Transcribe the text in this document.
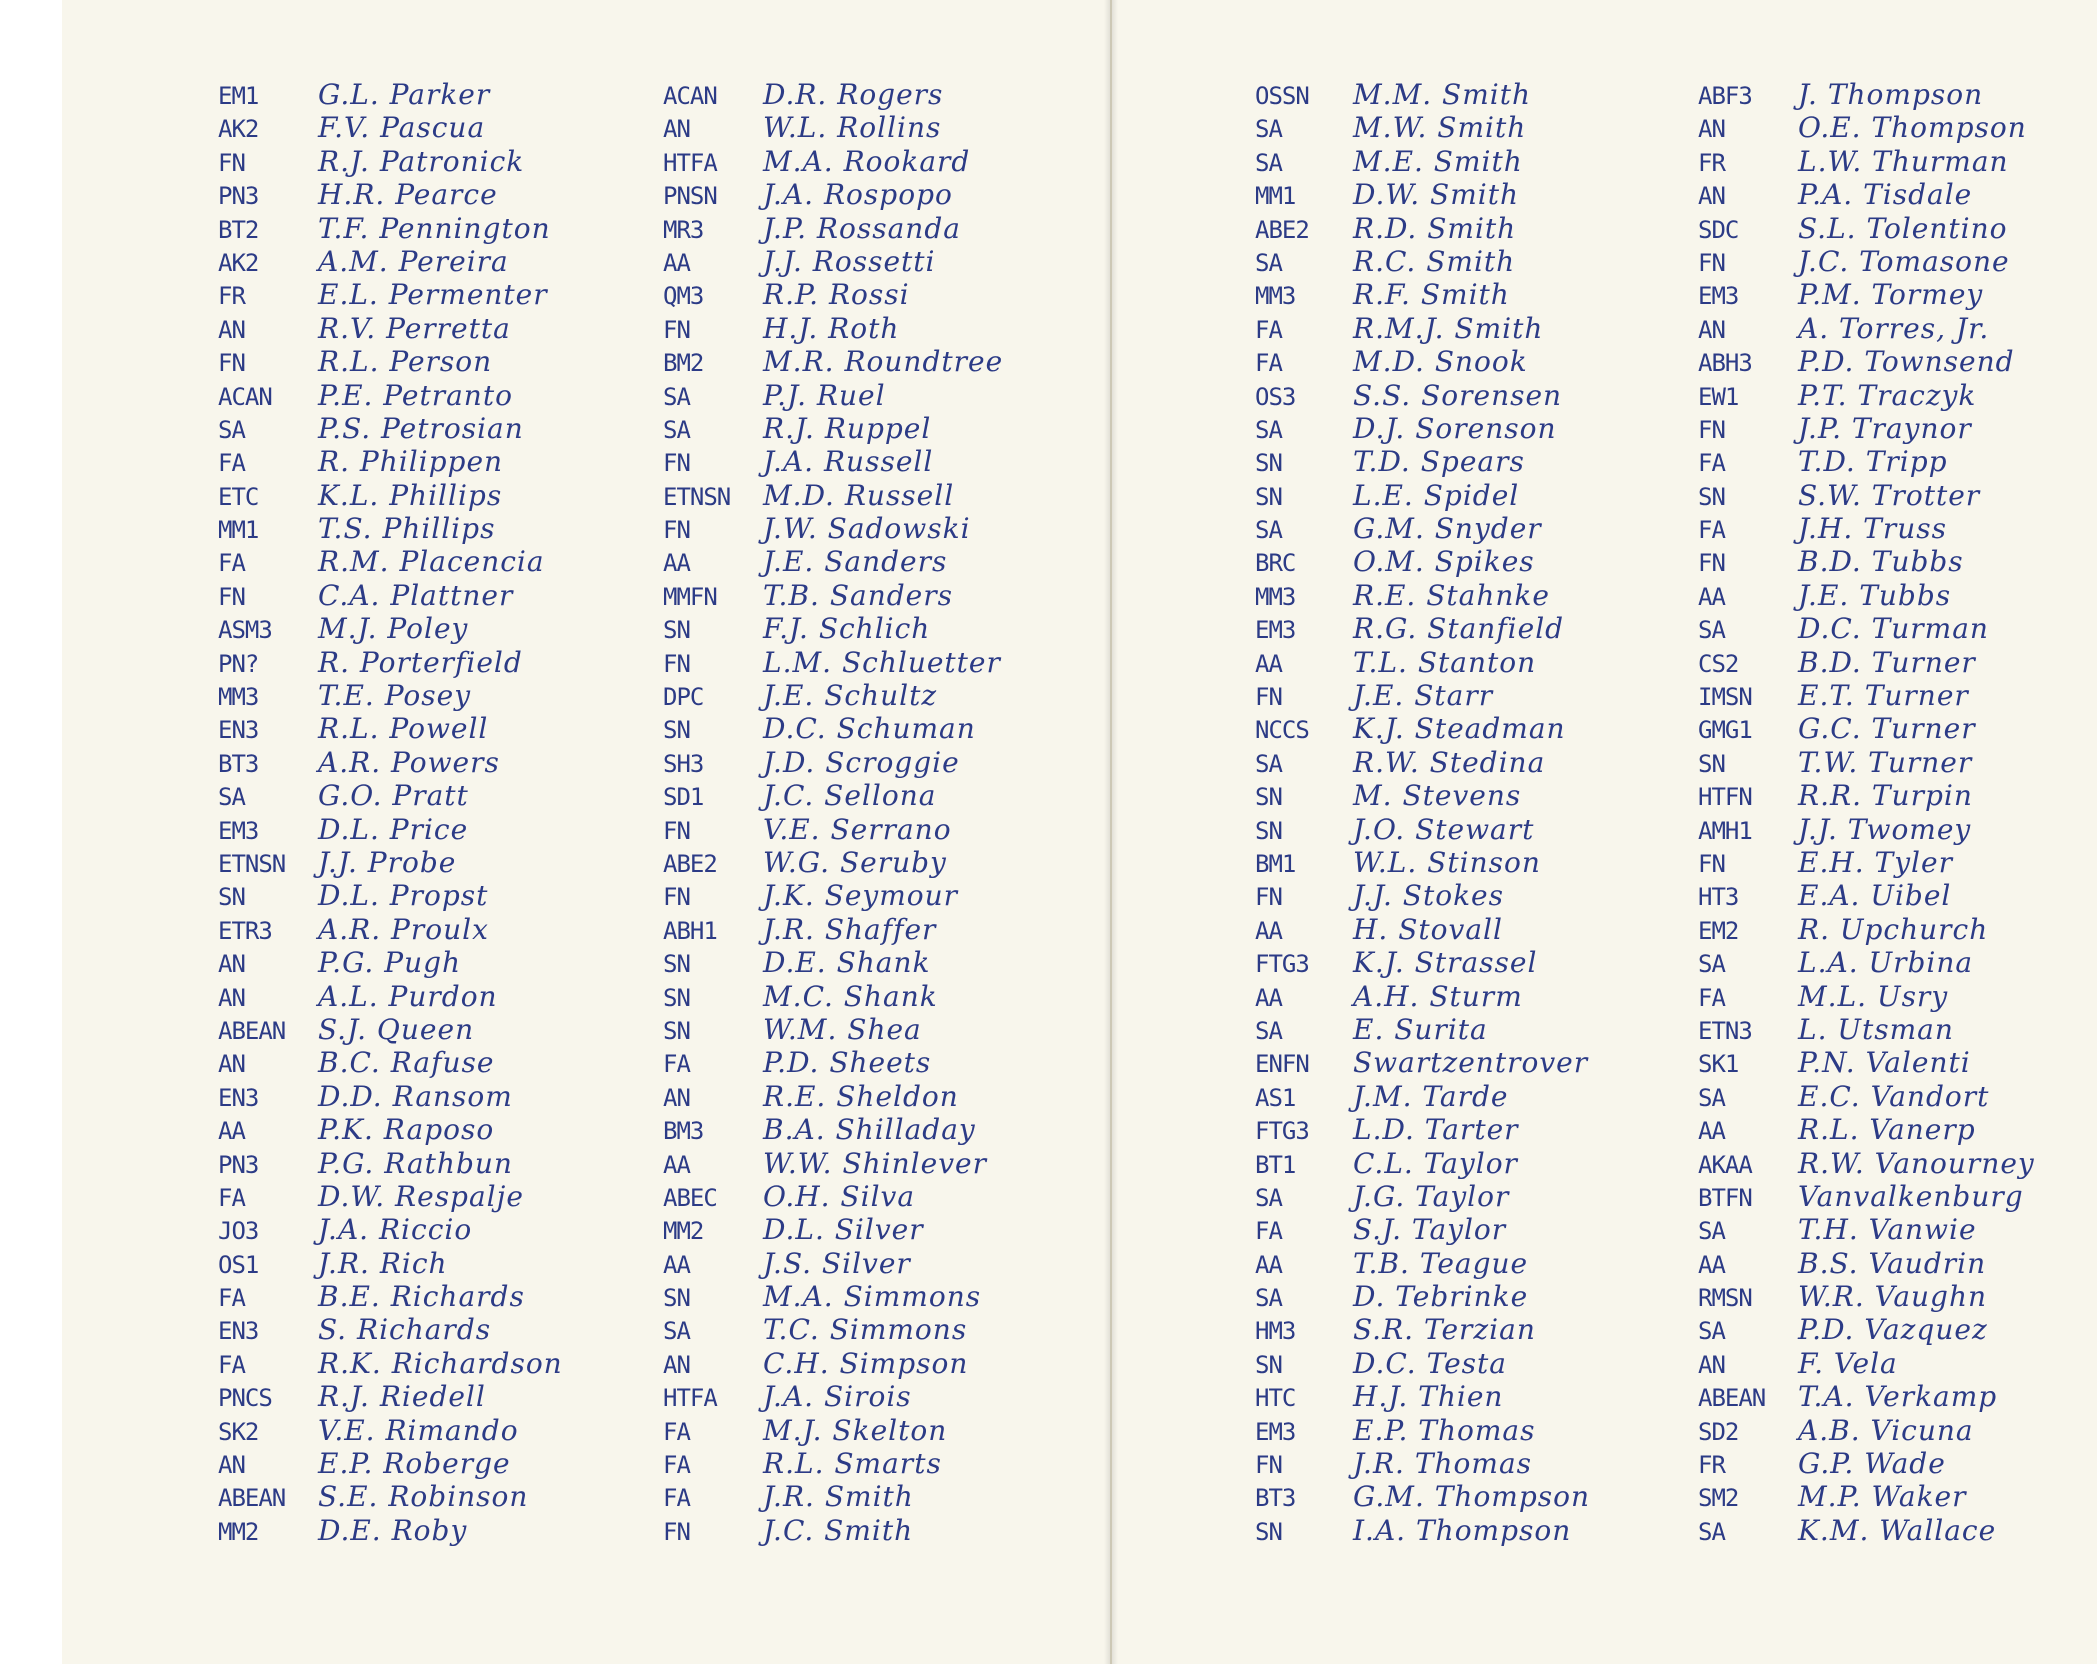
EM1	G.L. Parker
AK2	F.V. Pascua
FN	R.J. Patronick
PN3	H.R. Pearce
BT2	T.F. Pennington
AK2	A.M. Pereira
FR	E.L. Permenter
AN	R.V. Perretta
FN	R.L. Person
ACAN	P.E. Petranto
SA	P.S. Petrosian
FA	R. Philippen
ETC	K.L. Phillips
MM1	T.S. Phillips
FA	R.M. Placencia
FN	C.A. Plattner
ASM3	M.J. Poley
PN?	R. Porterfield
MM3	T.E. Posey
EN3	R.L. Powell
BT3	A.R. Powers
SA	G.O. Pratt
EM3	D.L. Price
ETNSN	J.J. Probe
SN	D.L. Propst
ETR3	A.R. Proulx
AN	P.G. Pugh
AN	A.L. Purdon
ABEAN	S.J. Queen
AN	B.C. Rafuse
EN3	D.D. Ransom
AA	P.K. Raposo
PN3	P.G. Rathbun
FA	D.W. Respalje
JO3	J.A. Riccio
OS1	J.R. Rich
FA	B.E. Richards
EN3	S. Richards
FA	R.K. Richardson
PNCS	R.J. Riedell
SK2	V.E. Rimando
AN	E.P. Roberge
ABEAN	S.E. Robinson
MM2	D.E. Roby
ACAN	D.R. Rogers
AN	W.L. Rollins
HTFA	M.A. Rookard
PNSN	J.A. Rospopo
MR3	J.P. Rossanda
AA	J.J. Rossetti
QM3	R.P. Rossi
FN	H.J. Roth
BM2	M.R. Roundtree
SA	P.J. Ruel
SA	R.J. Ruppel
FN	J.A. Russell
ETNSN	M.D. Russell
FN	J.W. Sadowski
AA	J.E. Sanders
MMFN	T.B. Sanders
SN	F.J. Schlich
FN	L.M. Schluetter
DPC	J.E. Schultz
SN	D.C. Schuman
SH3	J.D. Scroggie
SD1	J.C. Sellona
FN	V.E. Serrano
ABE2	W.G. Seruby
FN	J.K. Seymour
ABH1	J.R. Shaffer
SN	D.E. Shank
SN	M.C. Shank
SN	W.M. Shea
FA	P.D. Sheets
AN	R.E. Sheldon
BM3	B.A. Shilladay
AA	W.W. Shinlever
ABEC	O.H. Silva
MM2	D.L. Silver
AA	J.S. Silver
SN	M.A. Simmons
SA	T.C. Simmons
AN	C.H. Simpson
HTFA	J.A. Sirois
FA	M.J. Skelton
FA	R.L. Smarts
FA	J.R. Smith
FN	J.C. Smith
OSSN	M.M. Smith
SA	M.W. Smith
SA	M.E. Smith
MM1	D.W. Smith
ABE2	R.D. Smith
SA	R.C. Smith
MM3	R.F. Smith
FA	R.M.J. Smith
FA	M.D. Snook
OS3	S.S. Sorensen
SA	D.J. Sorenson
SN	T.D. Spears
SN	L.E. Spidel
SA	G.M. Snyder
BRC	O.M. Spikes
MM3	R.E. Stahnke
EM3	R.G. Stanfield
AA	T.L. Stanton
FN	J.E. Starr
NCCS	K.J. Steadman
SA	R.W. Stedina
SN	M. Stevens
SN	J.O. Stewart
BM1	W.L. Stinson
FN	J.J. Stokes
AA	H. Stovall
FTG3	K.J. Strassel
AA	A.H. Sturm
SA	E. Surita
ENFN	Swartzentrover
AS1	J.M. Tarde
FTG3	L.D. Tarter
BT1	C.L. Taylor
SA	J.G. Taylor
FA	S.J. Taylor
AA	T.B. Teague
SA	D. Tebrinke
HM3	S.R. Terzian
SN	D.C. Testa
HTC	H.J. Thien
EM3	E.P. Thomas
FN	J.R. Thomas
BT3	G.M. Thompson
SN	I.A. Thompson
ABF3	J. Thompson
AN	O.E. Thompson
FR	L.W. Thurman
AN	P.A. Tisdale
SDC	S.L. Tolentino
FN	J.C. Tomasone
EM3	P.M. Tormey
AN	A. Torres, Jr.
ABH3	P.D. Townsend
EW1	P.T. Traczyk
FN	J.P. Traynor
FA	T.D. Tripp
SN	S.W. Trotter
FA	J.H. Truss
FN	B.D. Tubbs
AA	J.E. Tubbs
SA	D.C. Turman
CS2	B.D. Turner
IMSN	E.T. Turner
GMG1	G.C. Turner
SN	T.W. Turner
HTFN	R.R. Turpin
AMH1	J.J. Twomey
FN	E.H. Tyler
HT3	E.A. Uibel
EM2	R. Upchurch
SA	L.A. Urbina
FA	M.L. Usry
ETN3	L. Utsman
SK1	P.N. Valenti
SA	E.C. Vandort
AA	R.L. Vanerp
AKAA	R.W. Vanourney
BTFN	Vanvalkenburg
SA	T.H. Vanwie
AA	B.S. Vaudrin
RMSN	W.R. Vaughn
SA	P.D. Vazquez
AN	F. Vela
ABEAN	T.A. Verkamp
SD2	A.B. Vicuna
FR	G.P. Wade
SM2	M.P. Waker
SA	K.M. Wallace
